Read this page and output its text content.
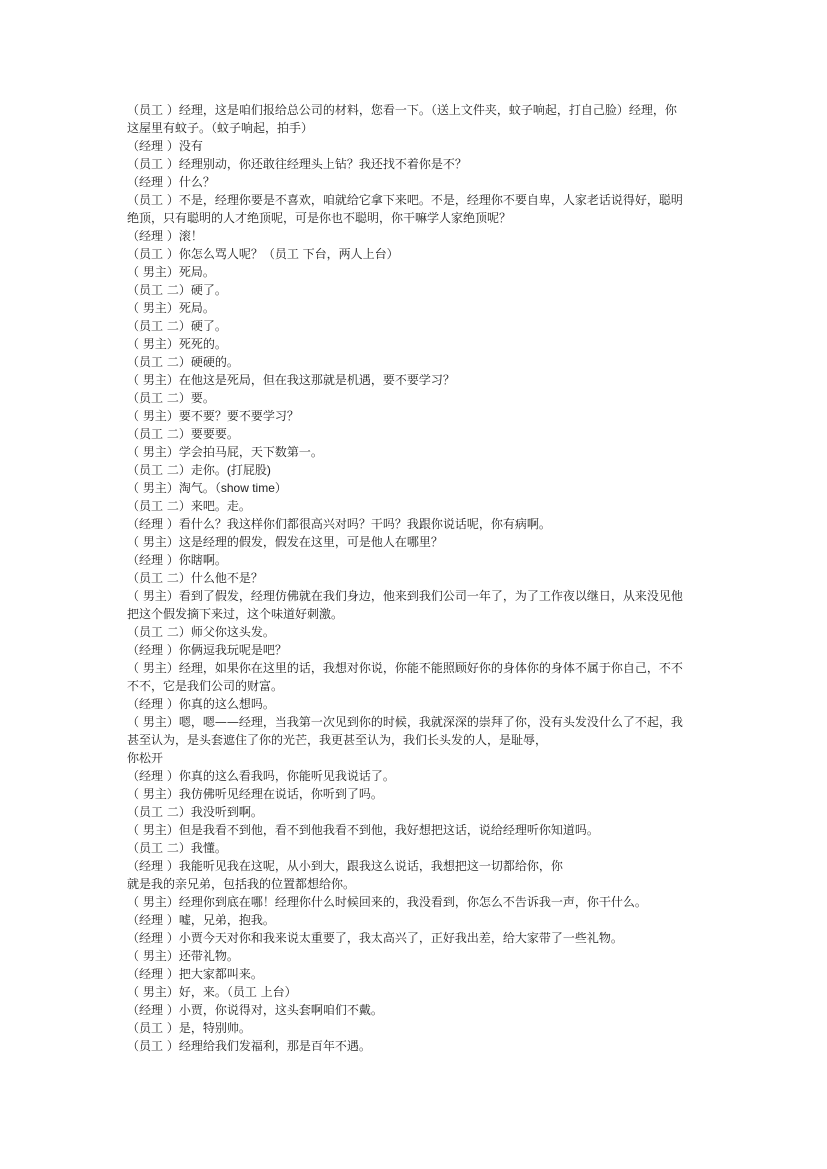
（员工 ）经理，这是咱们报给总公司的材料，您看一下。（送上文件夹，蚊子响起，打自己脸）经理，你
这屋里有蚊子。（蚊子响起，拍手）
（经理 ）没有
（员工 ）经理别动，你还敢往经理头上钻？我还找不着你是不？
（经理 ）什么？
（员工 ）不是，经理你要是不喜欢，咱就给它拿下来吧。不是，经理你不要自卑，人家老话说得好，聪明
绝顶，只有聪明的人才绝顶呢，可是你也不聪明，你干嘛学人家绝顶呢？
（经理 ）滚！
（员工 ）你怎么骂人呢？（员工 下台，两人上台）
（ 男主）死局。
（员工 二）硬了。
（ 男主）死局。
（员工 二）硬了。
（ 男主）死死的。
（员工 二）硬硬的。
（ 男主）在他这是死局，但在我这那就是机遇，要不要学习？
（员工 二）要。
（ 男主）要不要？要不要学习？
（员工 二）要要要。
（ 男主）学会拍马屁，天下数第一。
（员工 二）走你。(打屁股)
（ 男主）淘气。（show time）
（员工 二）来吧。走。
（经理 ）看什么？我这样你们都很高兴对吗？干吗？我跟你说话呢，你有病啊。
（ 男主）这是经理的假发，假发在这里，可是他人在哪里？
（经理 ）你瞎啊。
（员工 二）什么他不是？
（ 男主）看到了假发，经理仿佛就在我们身边，他来到我们公司一年了，为了工作夜以继日，从来没见他
把这个假发摘下来过，这个味道好刺激。
（员工 二）师父你这头发。
（经理 ）你俩逗我玩呢是吧？
（ 男主）经理，如果你在这里的话，我想对你说，你能不能照顾好你的身体你的身体不属于你自己，不不
不不，它是我们公司的财富。
（经理 ）你真的这么想吗。
（ 男主）嗯，嗯——经理，当我第一次见到你的时候，我就深深的崇拜了你，没有头发没什么了不起，我
甚至认为，是头套遮住了你的光芒，我更甚至认为，我们长头发的人，是耻辱，
你松开
（经理 ）你真的这么看我吗，你能听见我说话了。
（ 男主）我仿佛听见经理在说话，你听到了吗。
（员工 二）我没听到啊。
（ 男主）但是我看不到他，看不到他我看不到他，我好想把这话，说给经理听你知道吗。
（员工 二）我懂。
（经理 ）我能听见我在这呢，从小到大，跟我这么说话，我想把这一切都给你，你
就是我的亲兄弟，包括我的位置都想给你。
（ 男主）经理你到底在哪！经理你什么时候回来的，我没看到，你怎么不告诉我一声，你干什么。
（经理 ）嘘，兄弟，抱我。
（经理 ）小贾今天对你和我来说太重要了，我太高兴了，正好我出差，给大家带了一些礼物。
（ 男主）还带礼物。
（经理 ）把大家都叫来。
（ 男主）好，来。（员工 上台）
（经理 ）小贾，你说得对，这头套啊咱们不戴。
（员工 ）是，特别帅。
（员工 ）经理给我们发福利，那是百年不遇。
